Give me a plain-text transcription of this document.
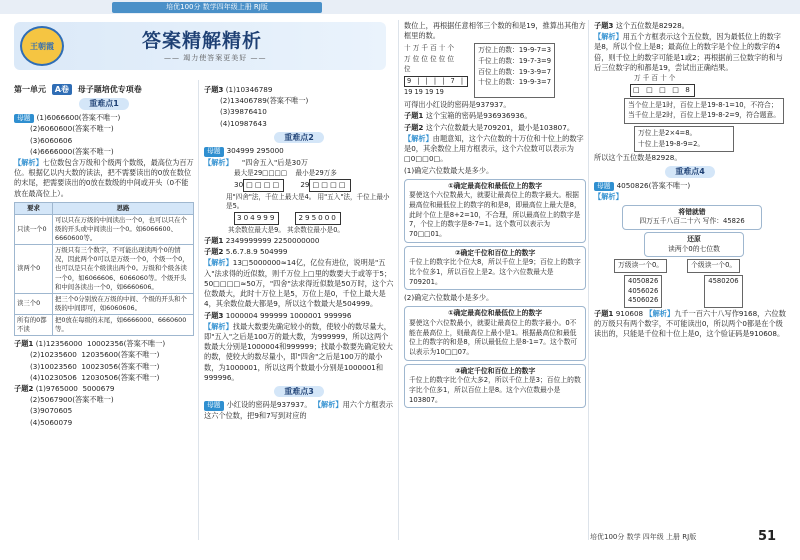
培优100分 数学四年级上册 RJ版
王朝霞	答案精解精析
—— 竭力使答案更美好 ——
第一单元 A卷 母子题培优专项卷
重难点1

母题 (1)6066600(答案不唯一)

(2)6060600(答案不唯一)

(3)6060606

(4)6666000(答案不唯一)

【解析】七位数包含万级和个级两个数级，最高位为百万位。根据亿以内大数的读法，把不需要读出的0放在数位的末尾，把需要读出的0放在数级的中间或开头（0不能放在最高位上）。

要求	思路
只读一个0	可以只在万级的中间读出一个0，也可以只在个级的开头或中间读出一个0。如6066600、6660600等。
读两个0	万级只有三个数字，不可能出现读两个0的情况，因此两个0可以是万级一个0，个级一个0，也可以是只在个级读出两个0。万级和个级各读一个0，如6066606、6066060等。个级开头和中间各读出一个0，如6660606。
读三个0	把三个0分别放在万级的中间、个级的开头和个级的中间即可，如6060606。
所有的0都不读	把0放在每级的末尾，如6666000、6660600等。

子题1 (1)12356000 10002356(答案不唯一)

(2)10235600 12035600(答案不唯一)

(3)10023560 10023056(答案不唯一)

(4)10230506 12030506(答案不唯一)

子题2 (1)9765000 5000679

(2)5067900(答案不唯一)

(3)9070605

(4)5060079

子题3 (1)10346789

(2)13406789(答案不唯一)

(3)39876410

(4)10987643

重难点2

母题 304999 295000

【解析】 "四舍五入"后是30万

最大是29□□□□ 最小是29万多

30 □□□□	29 □□□□

用"四舍"法，千位上最大是4。 用"五入"法，千位上最小是5。

304999	295000

其余数位最大是9。 其余数位最小是0。

子题1 2349999999 2250000000

子题2 5.6.7.8.9 504999

【解析】13□5000000≈14亿，亿位有进位，说明是"五入"法求得的近似数，则千万位上□里的数要大于或等于5；50□□□□≈50万，"四舍"法求得近似数是50万时，这个六位数最大，此时十万位上是5，万位上是0，千位上最大是4，其余数位最大都是9，所以这个数最大是504999。

子题3 1000004 999999 1000001 999996

【解析】找最大数要先确定较小的数，使较小的数尽量大，即"五入"之后是100万的最大数，为999999，所以这两个数最大分别是1000004和999999；找最小数要先确定较大的数，使较大的数尽量小，即"四舍"之后是100万的最小数，为1000001，所以这两个数最小分别是1000001和999996。

重难点3

母题 小红设的密码是937937。 【解析】用六个方框表示这六个位数，把9和7写到对应的

数位上，再根据任意相邻三个数的和是19，推算出其他方框里的数。

十 万 千 百 十 个

万 位 位 位 位 位

位

9 | | | | 7 |

19 19 19 19

万位上的数：19-9-7=3

千位上的数：19-7-3=9

百位上的数：19-3-9=7

十位上的数：19-9-3=7

可得出小红设的密码是937937。

子题1 这个宝箱的密码是936936936。

子题2 这个六位数最大是709201，最小是103807。

【解析】由题意知，这个六位数的十万位和十位上的数字是0，其余数位上用方框表示，这个六位数可以表示为□0□□0□。

(1)确定六位数最大是多少。

①确定最高位和最低位上的数字
要使这个六位数最大，就要让最高位上的数字最大。根据最高位和最低位上的数字的和是8，即最高位上最大是8，此时个位上是8+2=10，不合理，所以最高位上的数字是7，个位上的数字是8-7=1。这个数可以表示为70□□01。
②确定千位和百位上的数字
千位上的数字比个位大8，所以千位上是9；百位上的数字比个位多1，所以百位上是2。这个六位数最大是709201。

(2)确定六位数最小是多少。

①确定最高位和最低位上的数字
要使这个六位数最小，就要让最高位上的数字最小。0不能在最高位上，则最高位上最小是1。根据最高位和最低位上的数字的和是8，所以最低位上是8-1=7。这个数可以表示为10□□07。
②确定千位和百位上的数字
千位上的数字比个位大多2，所以千位上是3；百位上的数字比个位多1，所以百位上是8。这个六位数最小是103807。

子题3 这个五位数是82928。

【解析】用五个方框表示这个五位数，因为最低位上的数字是8，所以个位上是8；最高位上的数字是个位上的数字的4倍，则千位上的数字可能是1或2；再根据前三位数字的和与后三位数字的和都是19，尝试出正确结果。

万 千 百 十 个

□ □ □ □ 8

当个位上是1时，百位上是19-8-1=10，不符合；

当千位上是2时，百位上是19-8-2=9，符合题意。

万位上是2×4=8。

十位上是19-8-9=2。

所以这个五位数是82928。

重难点4

母题 4050826(答案不唯一)

【解析】

将错就错
四万五千八百二十六 写作：45826
还原
读两个0的七位数
万级读一个0。	个级读一个0。
4050826
4056026
4506026
4580206

子题1 910608 【解析】九千一百六十八写作9168，六位数的万级只有两个数字，不可能读出0，所以两个0都是在个级读出的，只能是千位和十位上是0，这个验证码是910608。

培优100分 数学 四年级 上册 RJ版	51
